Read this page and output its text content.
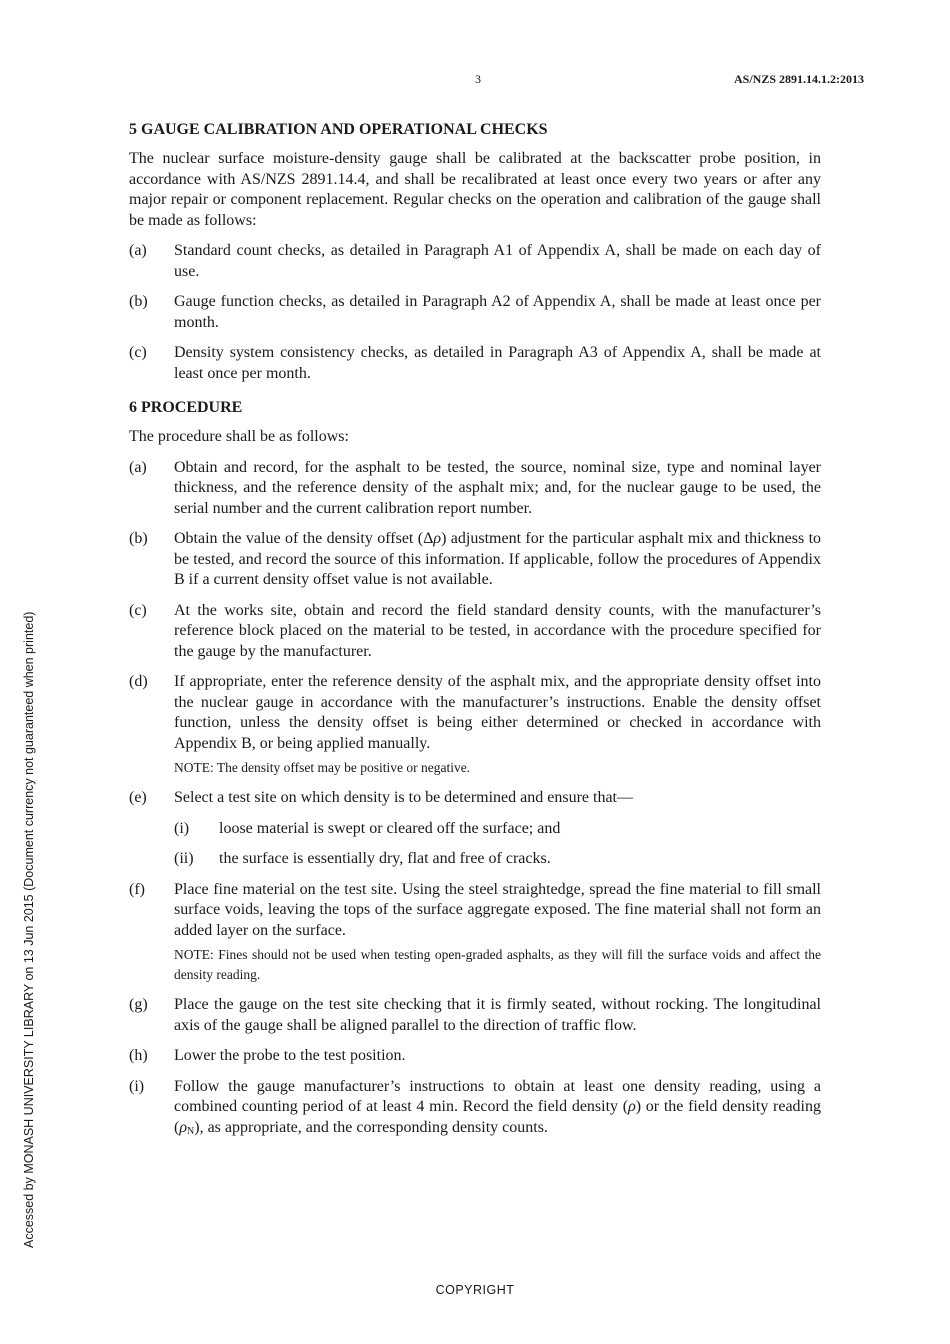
3	AS/NZS 2891.14.1.2:2013
Accessed by MONASH UNIVERSITY LIBRARY on 13 Jun 2015 (Document currency not guaranteed when printed)
5 GAUGE CALIBRATION AND OPERATIONAL CHECKS

The nuclear surface moisture-density gauge shall be calibrated at the backscatter probe position, in accordance with AS/NZS 2891.14.4, and shall be recalibrated at least once every two years or after any major repair or component replacement. Regular checks on the operation and calibration of the gauge shall be made as follows:

(a) Standard count checks, as detailed in Paragraph A1 of Appendix A, shall be made on each day of use.
(b) Gauge function checks, as detailed in Paragraph A2 of Appendix A, shall be made at least once per month.
(c) Density system consistency checks, as detailed in Paragraph A3 of Appendix A, shall be made at least once per month.
6 PROCEDURE

The procedure shall be as follows:

(a) Obtain and record, for the asphalt to be tested, the source, nominal size, type and nominal layer thickness, and the reference density of the asphalt mix; and, for the nuclear gauge to be used, the serial number and the current calibration report number.
(b) Obtain the value of the density offset (Δρ) adjustment for the particular asphalt mix and thickness to be tested, and record the source of this information. If applicable, follow the procedures of Appendix B if a current density offset value is not available.
(c) At the works site, obtain and record the field standard density counts, with the manufacturer’s reference block placed on the material to be tested, in accordance with the procedure specified for the gauge by the manufacturer.
(d) If appropriate, enter the reference density of the asphalt mix, and the appropriate density offset into the nuclear gauge in accordance with the manufacturer’s instructions. Enable the density offset function, unless the density offset is being either determined or checked in accordance with Appendix B, or being applied manually.
NOTE: The density offset may be positive or negative.
(e) Select a test site on which density is to be determined and ensure that—
(i) loose material is swept or cleared off the surface; and
(ii) the surface is essentially dry, flat and free of cracks.
(f) Place fine material on the test site. Using the steel straightedge, spread the fine material to fill small surface voids, leaving the tops of the surface aggregate exposed. The fine material shall not form an added layer on the surface.
NOTE: Fines should not be used when testing open-graded asphalts, as they will fill the surface voids and affect the density reading.
(g) Place the gauge on the test site checking that it is firmly seated, without rocking. The longitudinal axis of the gauge shall be aligned parallel to the direction of traffic flow.
(h) Lower the probe to the test position.
(i) Follow the gauge manufacturer’s instructions to obtain at least one density reading, using a combined counting period of at least 4 min. Record the field density (ρ) or the field density reading $(\rho_N)$, as appropriate, and the corresponding density counts.
COPYRIGHT
